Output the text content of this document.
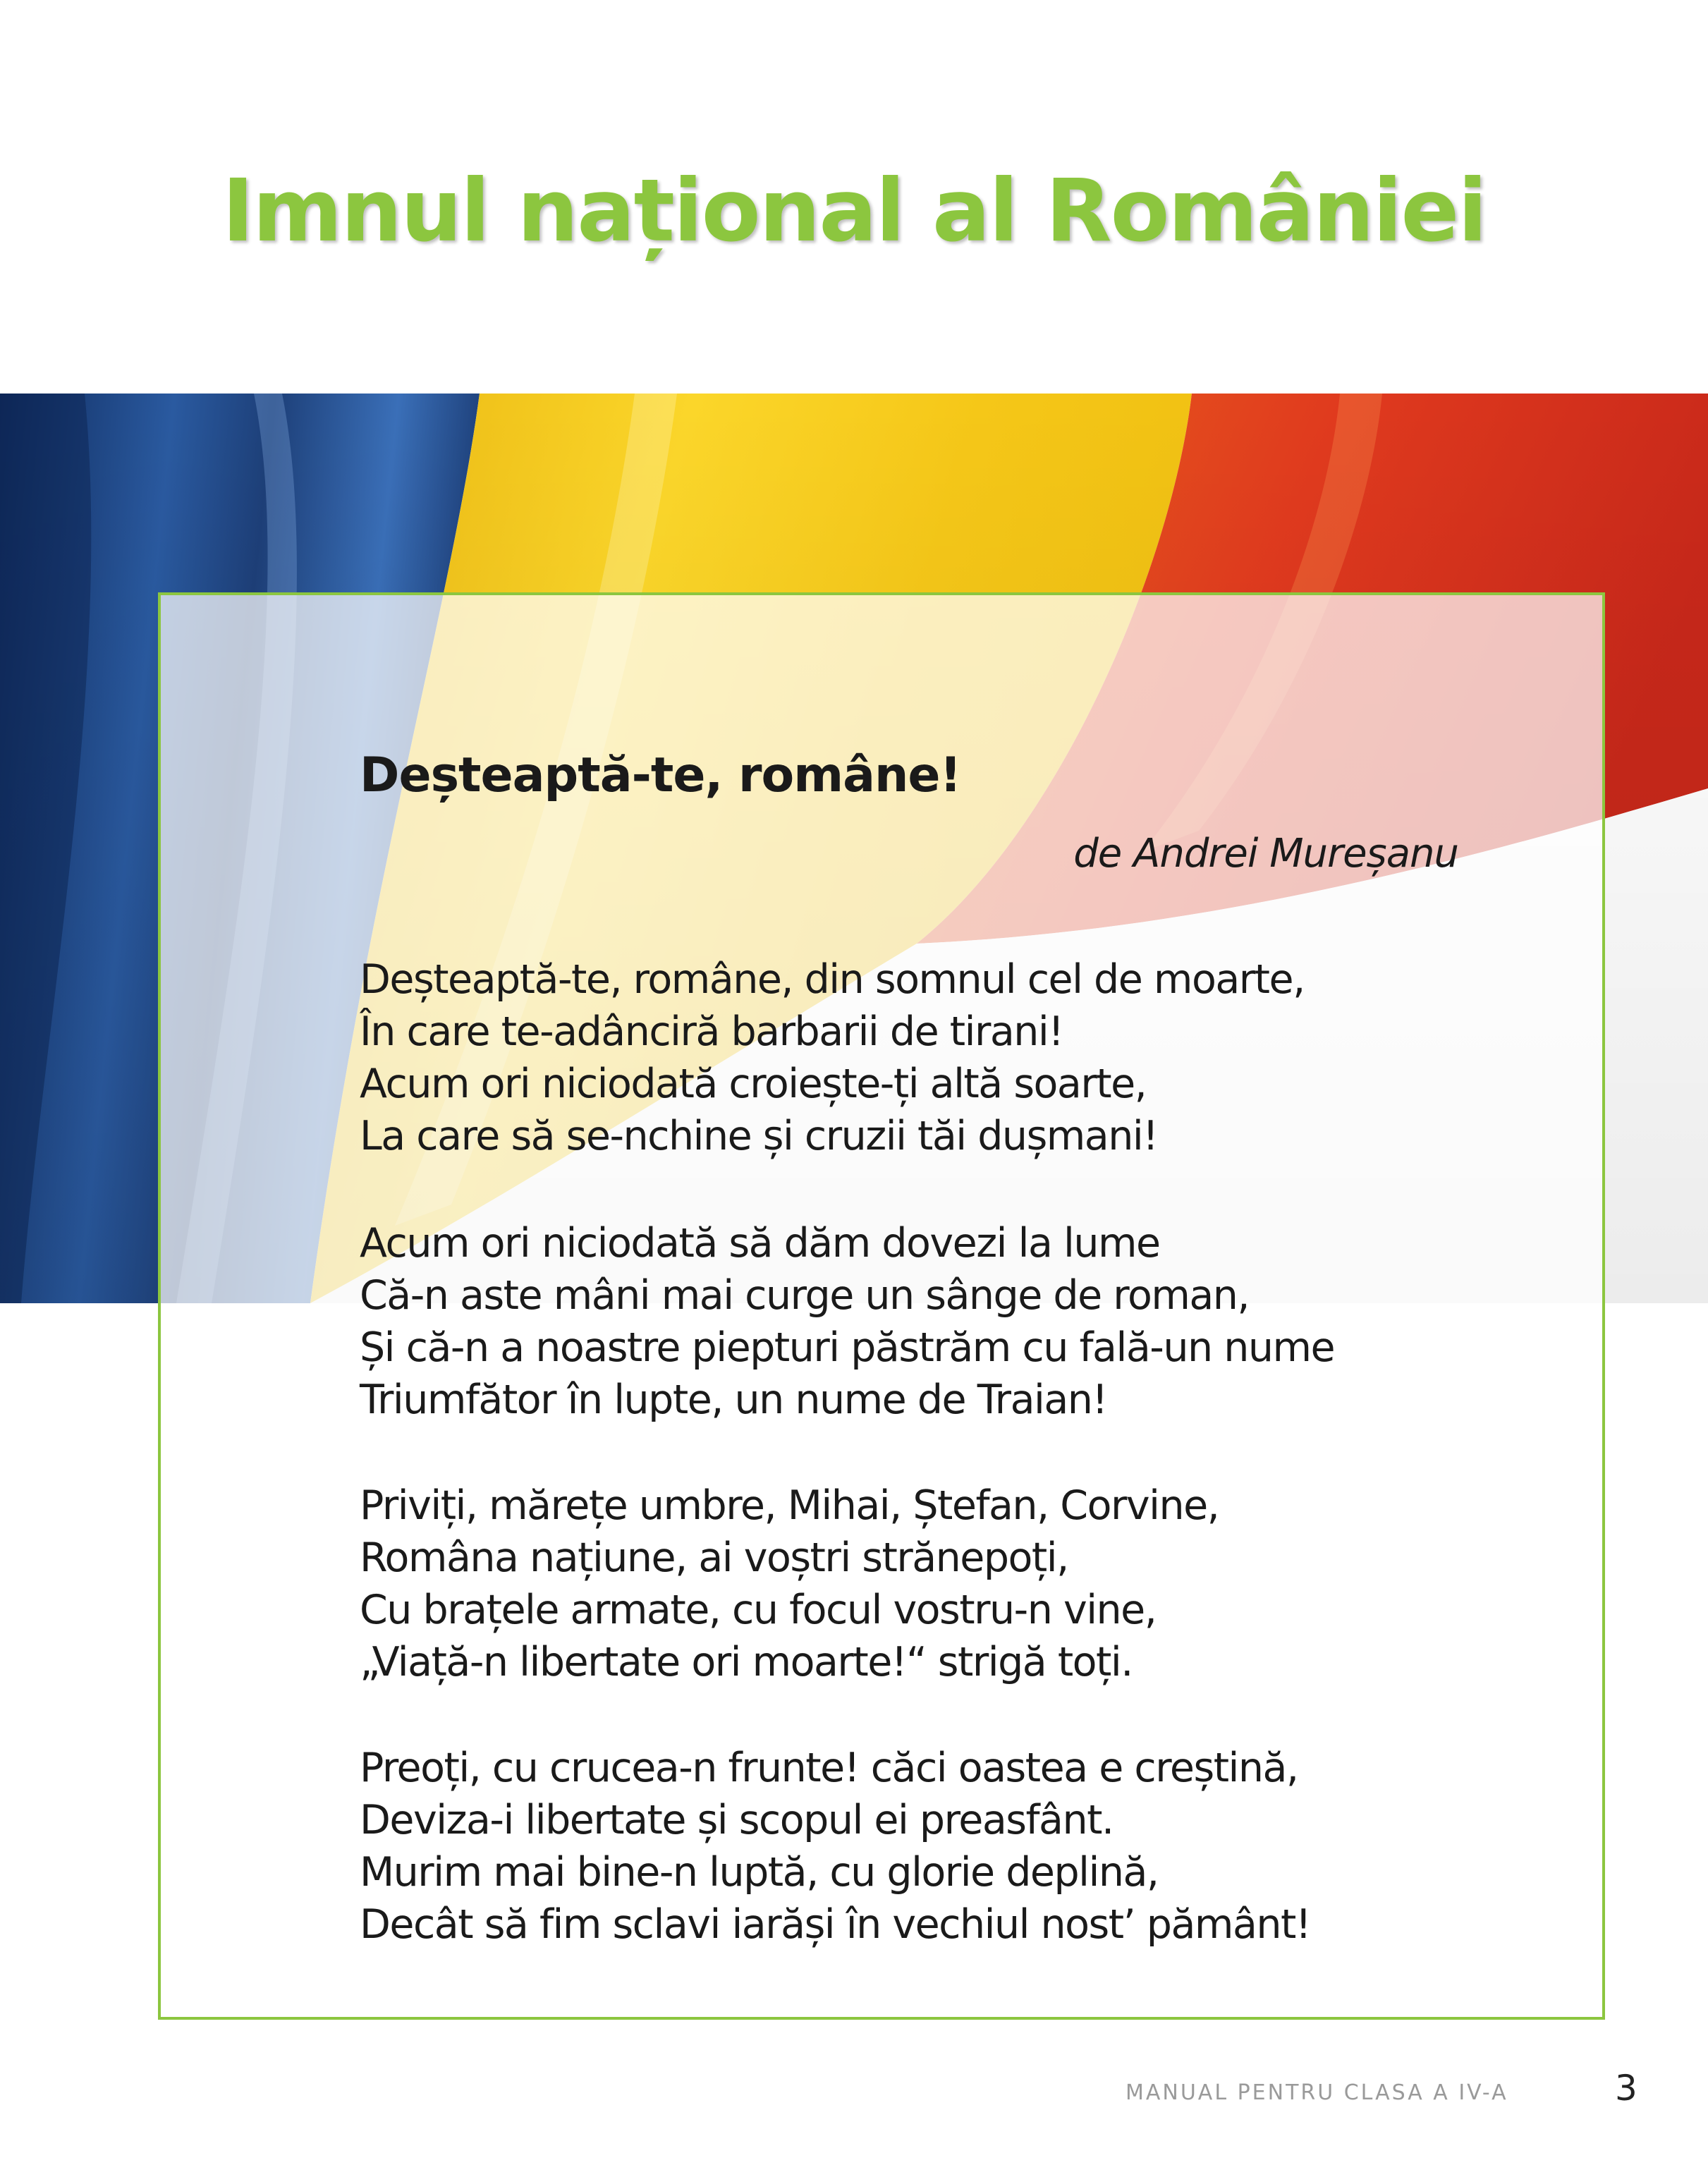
Imnul național al României
Deșteaptă-te, române!
de Andrei Mureșanu
Deșteaptă-te, române, din somnul cel de moarte,
În care te-adânciră barbarii de tirani!
Acum ori niciodată croiește-ți altă soarte,
La care să se-nchine și cruzii tăi dușmani!
Acum ori niciodată să dăm dovezi la lume
Că-n aste mâni mai curge un sânge de roman,
Și că-n a noastre piepturi păstrăm cu fală-un nume
Triumfător în lupte, un nume de Traian!
Priviți, mărețe umbre, Mihai, Ștefan, Corvine,
Româna națiune, ai voștri strănepoți,
Cu brațele armate, cu focul vostru-n vine,
„Viață-n libertate ori moarte!“ strigă toți.
Preoți, cu crucea-n frunte! căci oastea e creștină,
Deviza-i libertate și scopul ei preasfânt.
Murim mai bine-n luptă, cu glorie deplină,
Decât să fim sclavi iarăși în vechiul nost’ pământ!
MANUAL PENTRU CLASA A IV-A	3
